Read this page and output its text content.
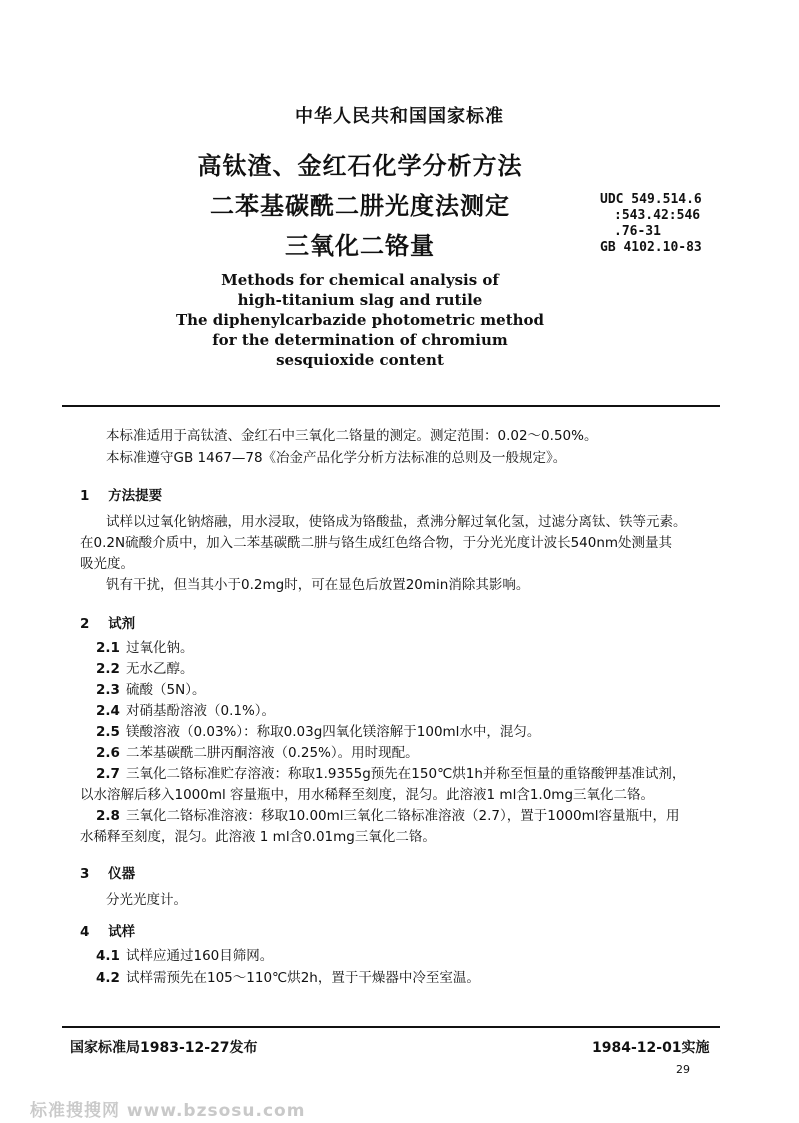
中华人民共和国国家标准
高钛渣、金红石化学分析方法
二苯基碳酰二肼光度法测定
三氧化二铬量
UDC 549.514.6
:543.42:546
.76-31
GB 4102.10-83
Methods for chemical analysis of
high-titanium slag and rutile
The diphenylcarbazide photometric method
for the determination of chromium
sesquioxide content
本标准适用于高钛渣、金红石中三氧化二铬量的测定。测定范围：0.02～0.50%。
本标准遵守GB 1467—78《冶金产品化学分析方法标准的总则及一般规定》。
1 方法提要
试样以过氧化钠熔融，用水浸取，使铬成为铬酸盐，煮沸分解过氧化氢，过滤分离钛、铁等元素。
在0.2N硫酸介质中，加入二苯基碳酰二肼与铬生成红色络合物，于分光光度计波长540nm处测量其
吸光度。
钒有干扰，但当其小于0.2mg时，可在显色后放置20min消除其影响。
2 试剂
2.1 过氧化钠。
2.2 无水乙醇。
2.3 硫酸（5N）。
2.4 对硝基酚溶液（0.1%）。
2.5 镁酸溶液（0.03%）：称取0.03g四氧化镁溶解于100ml水中，混匀。
2.6 二苯基碳酰二肼丙酮溶液（0.25%）。用时现配。
2.7 三氧化二铬标准贮存溶液：称取1.9355g预先在150℃烘1h并称至恒量的重铬酸钾基准试剂，
以水溶解后移入1000ml 容量瓶中，用水稀释至刻度，混匀。此溶液1 ml含1.0mg三氧化二铬。
2.8 三氧化二铬标准溶液：移取10.00ml三氧化二铬标准溶液（2.7），置于1000ml容量瓶中，用
水稀释至刻度，混匀。此溶液 1 ml含0.01mg三氧化二铬。
3 仪器
分光光度计。
4 试样
4.1 试样应通过160目筛网。
4.2 试样需预先在105～110℃烘2h，置于干燥器中冷至室温。
国家标准局1983-12-27发布	1984-12-01实施
29
标准搜搜网 www.bzsosu.com
